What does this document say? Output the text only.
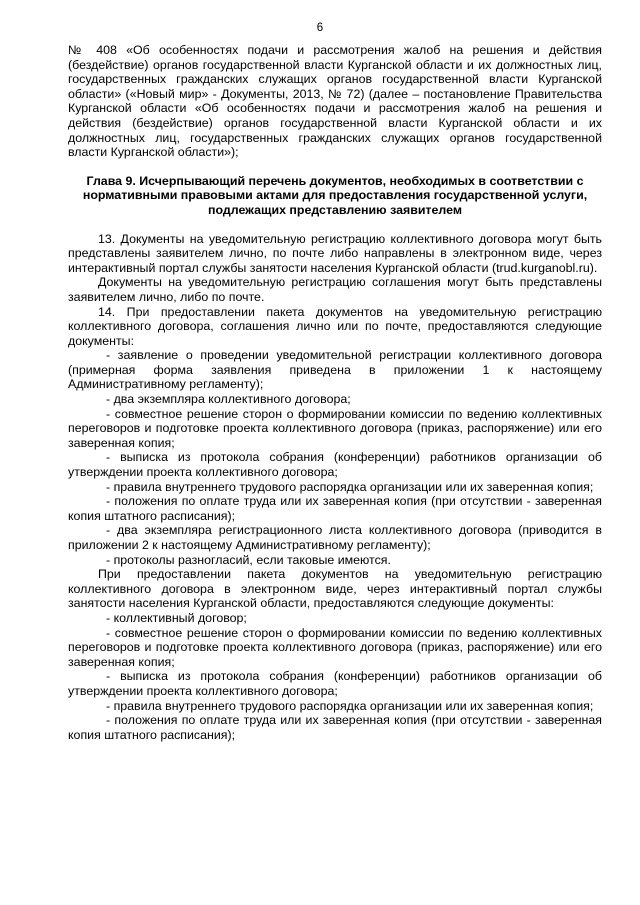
6

№ 408 «Об особенностях подачи и рассмотрения жалоб на решения и действия (бездействие) органов государственной власти Курганской области и их должностных лиц, государственных гражданских служащих органов государственной власти Курганской области» («Новый мир» - Документы, 2013, № 72) (далее – постановление Правительства Курганской области «Об особенностях подачи и рассмотрения жалоб на решения и действия (бездействие) органов государственной власти Курганской области и их должностных лиц, государственных гражданских служащих органов государственной власти Курганской области»);

Глава 9. Исчерпывающий перечень документов, необходимых в соответствии с нормативными правовыми актами для предоставления государственной услуги, подлежащих представлению заявителем

13. Документы на уведомительную регистрацию коллективного договора могут быть представлены заявителем лично, по почте либо направлены в электронном виде, через интерактивный портал службы занятости населения Курганской области (trud.kurganobl.ru).

Документы на уведомительную регистрацию соглашения могут быть представлены заявителем лично, либо по почте.

14. При предоставлении пакета документов на уведомительную регистрацию коллективного договора, соглашения лично или по почте, предоставляются следующие документы:

- заявление о проведении уведомительной регистрации коллективного договора (примерная форма заявления приведена в приложении 1 к настоящему Административному регламенту);

- два экземпляра коллективного договора;

- совместное решение сторон о формировании комиссии по ведению коллективных переговоров и подготовке проекта коллективного договора (приказ, распоряжение) или его заверенная копия;

- выписка из протокола собрания (конференции) работников организации об утверждении проекта коллективного договора;

- правила внутреннего трудового распорядка организации или их заверенная копия;

- положения по оплате труда или их заверенная копия (при отсутствии - заверенная копия штатного расписания);

- два экземпляра регистрационного листа коллективного договора (приводится в приложении 2 к настоящему Административному регламенту);

- протоколы разногласий, если таковые имеются.

При предоставлении пакета документов на уведомительную регистрацию коллективного договора в электронном виде, через интерактивный портал службы занятости населения Курганской области, предоставляются следующие документы:

- коллективный договор;

- совместное решение сторон о формировании комиссии по ведению коллективных переговоров и подготовке проекта коллективного договора (приказ, распоряжение) или его заверенная копия;

- выписка из протокола собрания (конференции) работников организации об утверждении проекта коллективного договора;

- правила внутреннего трудового распорядка организации или их заверенная копия;

- положения по оплате труда или их заверенная копия (при отсутствии - заверенная копия штатного расписания);
